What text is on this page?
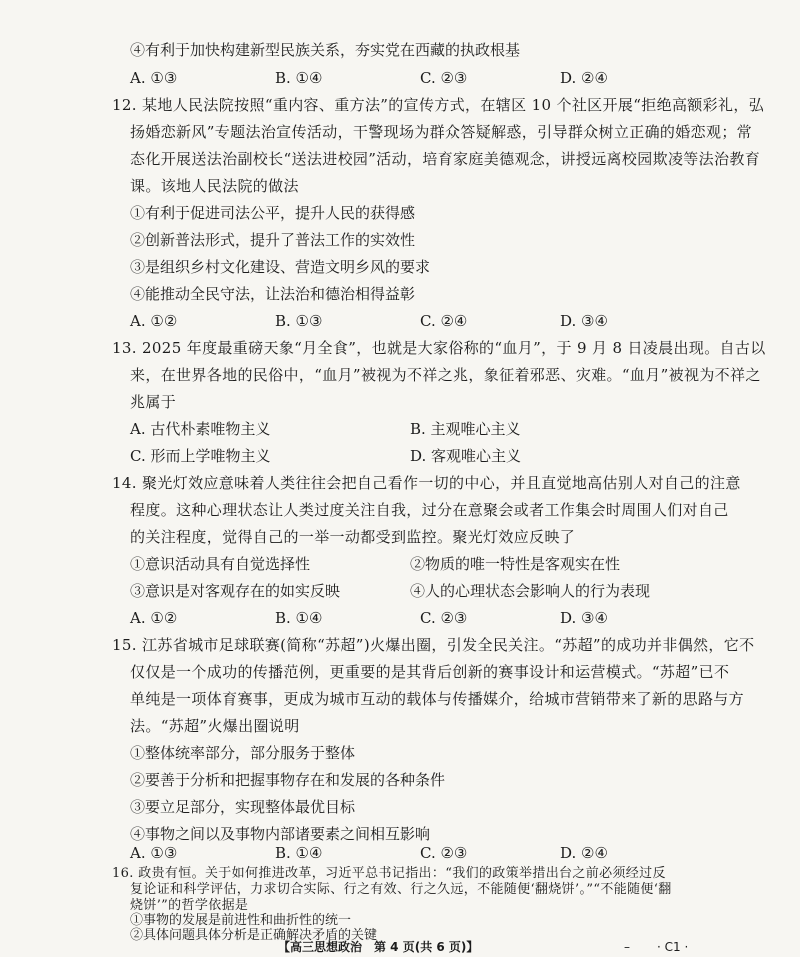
④有利于加快构建新型民族关系，夯实党在西藏的执政根基
A. ①③	B. ①④	C. ②③	D. ②④
12. 某地人民法院按照“重内容、重方法”的宣传方式，在辖区 10 个社区开展“拒绝高额彩礼，弘
扬婚恋新风”专题法治宣传活动，干警现场为群众答疑解惑，引导群众树立正确的婚恋观；常
态化开展送法治副校长“送法进校园”活动，培育家庭美德观念，讲授远离校园欺凌等法治教育
课。该地人民法院的做法
①有利于促进司法公平，提升人民的获得感
②创新普法形式，提升了普法工作的实效性
③是组织乡村文化建设、营造文明乡风的要求
④能推动全民守法，让法治和德治相得益彰
A. ①②	B. ①③	C. ②④	D. ③④
13. 2025 年度最重磅天象“月全食”，也就是大家俗称的“血月”，于 9 月 8 日凌晨出现。自古以
来，在世界各地的民俗中，“血月”被视为不祥之兆，象征着邪恶、灾难。“血月”被视为不祥之
兆属于
A. 古代朴素唯物主义	B. 主观唯心主义
C. 形而上学唯物主义	D. 客观唯心主义
14. 聚光灯效应意味着人类往往会把自己看作一切的中心，并且直觉地高估别人对自己的注意
程度。这种心理状态让人类过度关注自我，过分在意聚会或者工作集会时周围人们对自己
的关注程度，觉得自己的一举一动都受到监控。聚光灯效应反映了
①意识活动具有自觉选择性	②物质的唯一特性是客观实在性
③意识是对客观存在的如实反映	④人的心理状态会影响人的行为表现
A. ①②	B. ①④	C. ②③	D. ③④
15. 江苏省城市足球联赛(简称“苏超”)火爆出圈，引发全民关注。“苏超”的成功并非偶然，它不
仅仅是一个成功的传播范例，更重要的是其背后创新的赛事设计和运营模式。“苏超”已不
单纯是一项体育赛事，更成为城市互动的载体与传播媒介，给城市营销带来了新的思路与方
法。“苏超”火爆出圈说明
①整体统率部分，部分服务于整体
②要善于分析和把握事物存在和发展的各种条件
③要立足部分，实现整体最优目标
④事物之间以及事物内部诸要素之间相互影响
A. ①③	B. ①④	C. ②③	D. ②④
16. 政贵有恒。关于如何推进改革，习近平总书记指出：“我们的政策举措出台之前必须经过反
复论证和科学评估，力求切合实际、行之有效、行之久远，不能随便‘翻烧饼’。”“不能随便‘翻
烧饼’”的哲学依据是
①事物的发展是前进性和曲折性的统一
②具体问题具体分析是正确解决矛盾的关键
【高三思想政治　第 4 页(共 6 页)】	– · C1 ·
